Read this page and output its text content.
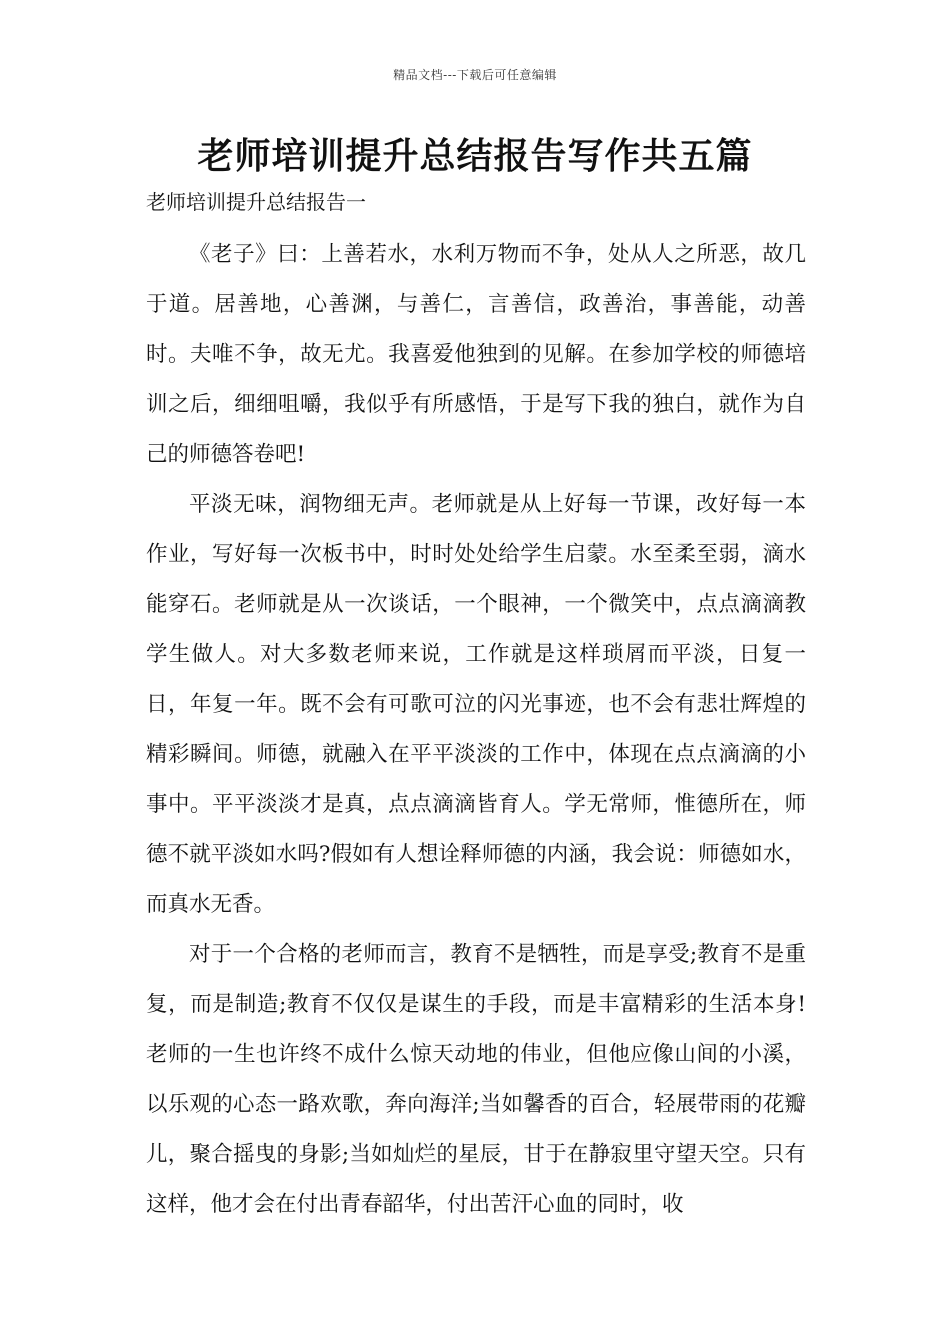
精品文档---下载后可任意编辑
老师培训提升总结报告写作共五篇
老师培训提升总结报告一

《老子》曰：上善若水，水利万物而不争，处从人之所恶，故几于道。居善地，心善渊，与善仁，言善信，政善治，事善能，动善时。夫唯不争，故无尤。我喜爱他独到的见解。在参加学校的师德培训之后，细细咀嚼，我似乎有所感悟，于是写下我的独白，就作为自己的师德答卷吧!

平淡无味，润物细无声。老师就是从上好每一节课，改好每一本作业，写好每一次板书中，时时处处给学生启蒙。水至柔至弱，滴水能穿石。老师就是从一次谈话，一个眼神，一个微笑中，点点滴滴教学生做人。对大多数老师来说，工作就是这样琐屑而平淡，日复一日，年复一年。既不会有可歌可泣的闪光事迹，也不会有悲壮辉煌的精彩瞬间。师德，就融入在平平淡淡的工作中，体现在点点滴滴的小事中。平平淡淡才是真，点点滴滴皆育人。学无常师，惟德所在，师德不就平淡如水吗?假如有人想诠释师德的内涵，我会说：师德如水，而真水无香。

对于一个合格的老师而言，教育不是牺牲，而是享受;教育不是重复，而是制造;教育不仅仅是谋生的手段，而是丰富精彩的生活本身!老师的一生也许终不成什么惊天动地的伟业，但他应像山间的小溪，以乐观的心态一路欢歌，奔向海洋;当如馨香的百合，轻展带雨的花瓣儿，聚合摇曳的身影;当如灿烂的星辰，甘于在静寂里守望天空。只有这样，他才会在付出青春韶华，付出苦汗心血的同时，收
